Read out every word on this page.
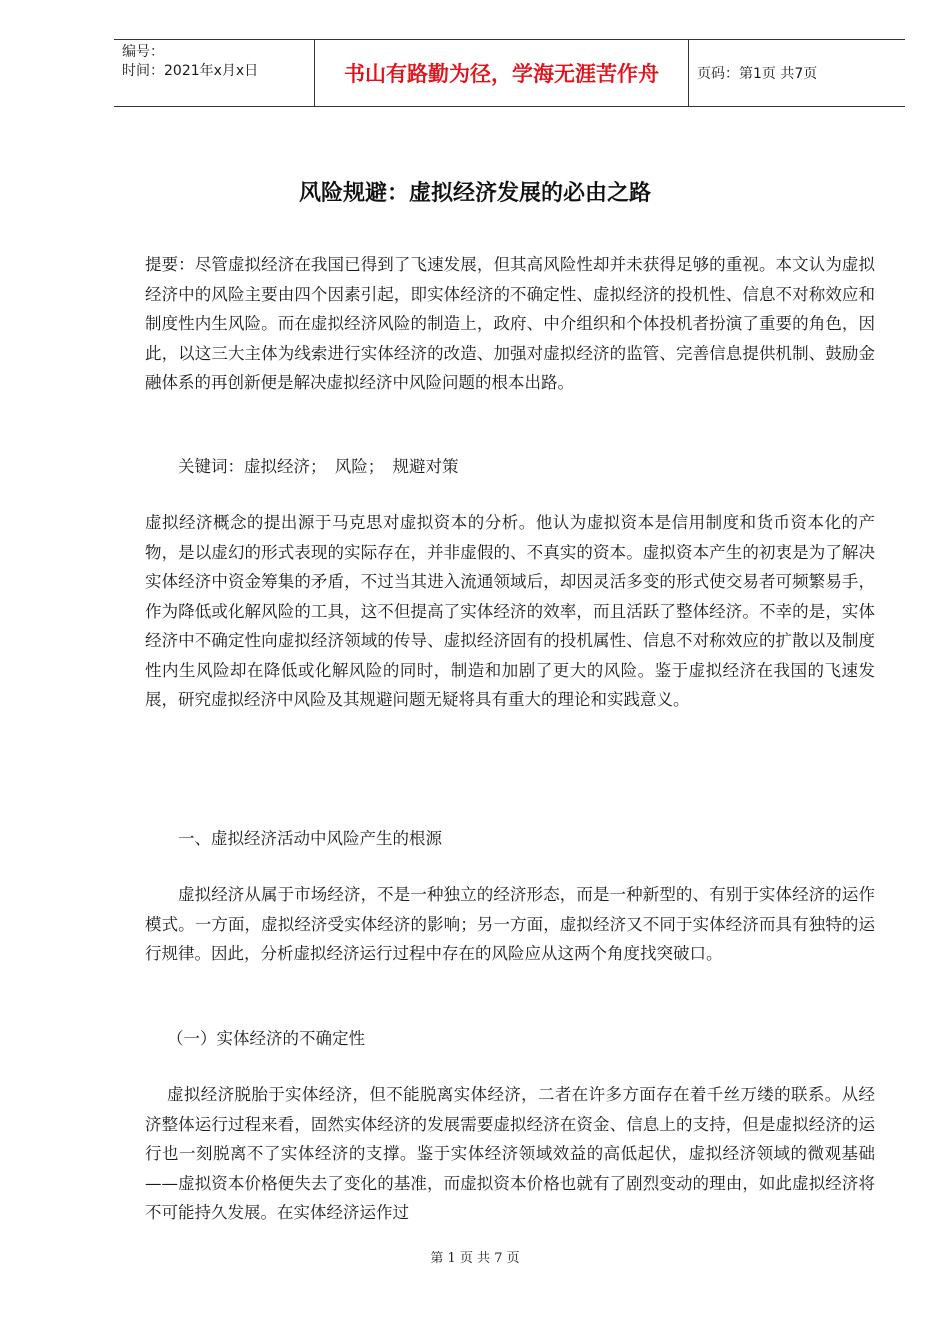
编号：
时间：2021年x月x日	书山有路勤为径，学海无涯苦作舟	页码：第1页 共7页
风险规避：虚拟经济发展的必由之路

提要：尽管虚拟经济在我国已得到了飞速发展，但其高风险性却并未获得足够的重视。本文认为虚拟经济中的风险主要由四个因素引起，即实体经济的不确定性、虚拟经济的投机性、信息不对称效应和制度性内生风险。而在虚拟经济风险的制造上，政府、中介组织和个体投机者扮演了重要的角色，因此，以这三大主体为线索进行实体经济的改造、加强对虚拟经济的监管、完善信息提供机制、鼓励金融体系的再创新便是解决虚拟经济中风险问题的根本出路。

关键词：虚拟经济；　风险；　规避对策

虚拟经济概念的提出源于马克思对虚拟资本的分析。他认为虚拟资本是信用制度和货币资本化的产物，是以虚幻的形式表现的实际存在，并非虚假的、不真实的资本。虚拟资本产生的初衷是为了解决实体经济中资金筹集的矛盾，不过当其进入流通领域后，却因灵活多变的形式使交易者可频繁易手，作为降低或化解风险的工具，这不但提高了实体经济的效率，而且活跃了整体经济。不幸的是，实体经济中不确定性向虚拟经济领域的传导、虚拟经济固有的投机属性、信息不对称效应的扩散以及制度性内生风险却在降低或化解风险的同时，制造和加剧了更大的风险。鉴于虚拟经济在我国的飞速发展，研究虚拟经济中风险及其规避问题无疑将具有重大的理论和实践意义。

一、虚拟经济活动中风险产生的根源

虚拟经济从属于市场经济，不是一种独立的经济形态，而是一种新型的、有别于实体经济的运作模式。一方面，虚拟经济受实体经济的影响；另一方面，虚拟经济又不同于实体经济而具有独特的运行规律。因此，分析虚拟经济运行过程中存在的风险应从这两个角度找突破口。

（一）实体经济的不确定性

虚拟经济脱胎于实体经济，但不能脱离实体经济，二者在许多方面存在着千丝万缕的联系。从经济整体运行过程来看，固然实体经济的发展需要虚拟经济在资金、信息上的支持，但是虚拟经济的运行也一刻脱离不了实体经济的支撑。鉴于实体经济领域效益的高低起伏，虚拟经济领域的微观基础——虚拟资本价格便失去了变化的基准，而虚拟资本价格也就有了剧烈变动的理由，如此虚拟经济将不可能持久发展。在实体经济运作过

第 1 页 共 7 页
